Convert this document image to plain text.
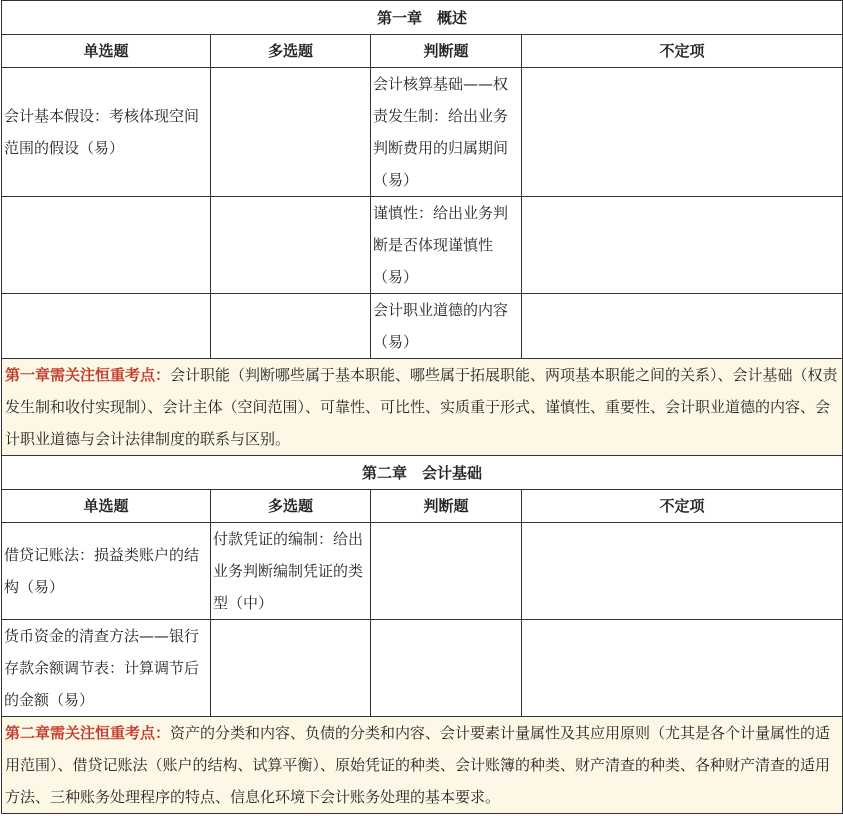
第一章　概述			
单选题	多选题	判断题	不定项
会计基本假设：考核体现空间范围的假设（易）		会计核算基础——权责发生制：给出业务判断费用的归属期间（易）	
		谨慎性：给出业务判断是否体现谨慎性（易）	
		会计职业道德的内容（易）	
第一章需关注恒重考点：会计职能（判断哪些属于基本职能、哪些属于拓展职能、两项基本职能之间的关系）、会计基础（权责发生制和收付实现制）、会计主体（空间范围）、可靠性、可比性、实质重于形式、谨慎性、重要性、会计职业道德的内容、会计职业道德与会计法律制度的联系与区别。			
第二章　会计基础			
单选题	多选题	判断题	不定项
借贷记账法：损益类账户的结构（易）	付款凭证的编制：给出业务判断编制凭证的类型（中）		
货币资金的清查方法——银行存款余额调节表：计算调节后的金额（易）			
第二章需关注恒重考点：资产的分类和内容、负债的分类和内容、会计要素计量属性及其应用原则（尤其是各个计量属性的适用范围）、借贷记账法（账户的结构、试算平衡）、原始凭证的种类、会计账簿的种类、财产清查的种类、各种财产清查的适用方法、三种账务处理程序的特点、信息化环境下会计账务处理的基本要求。			
